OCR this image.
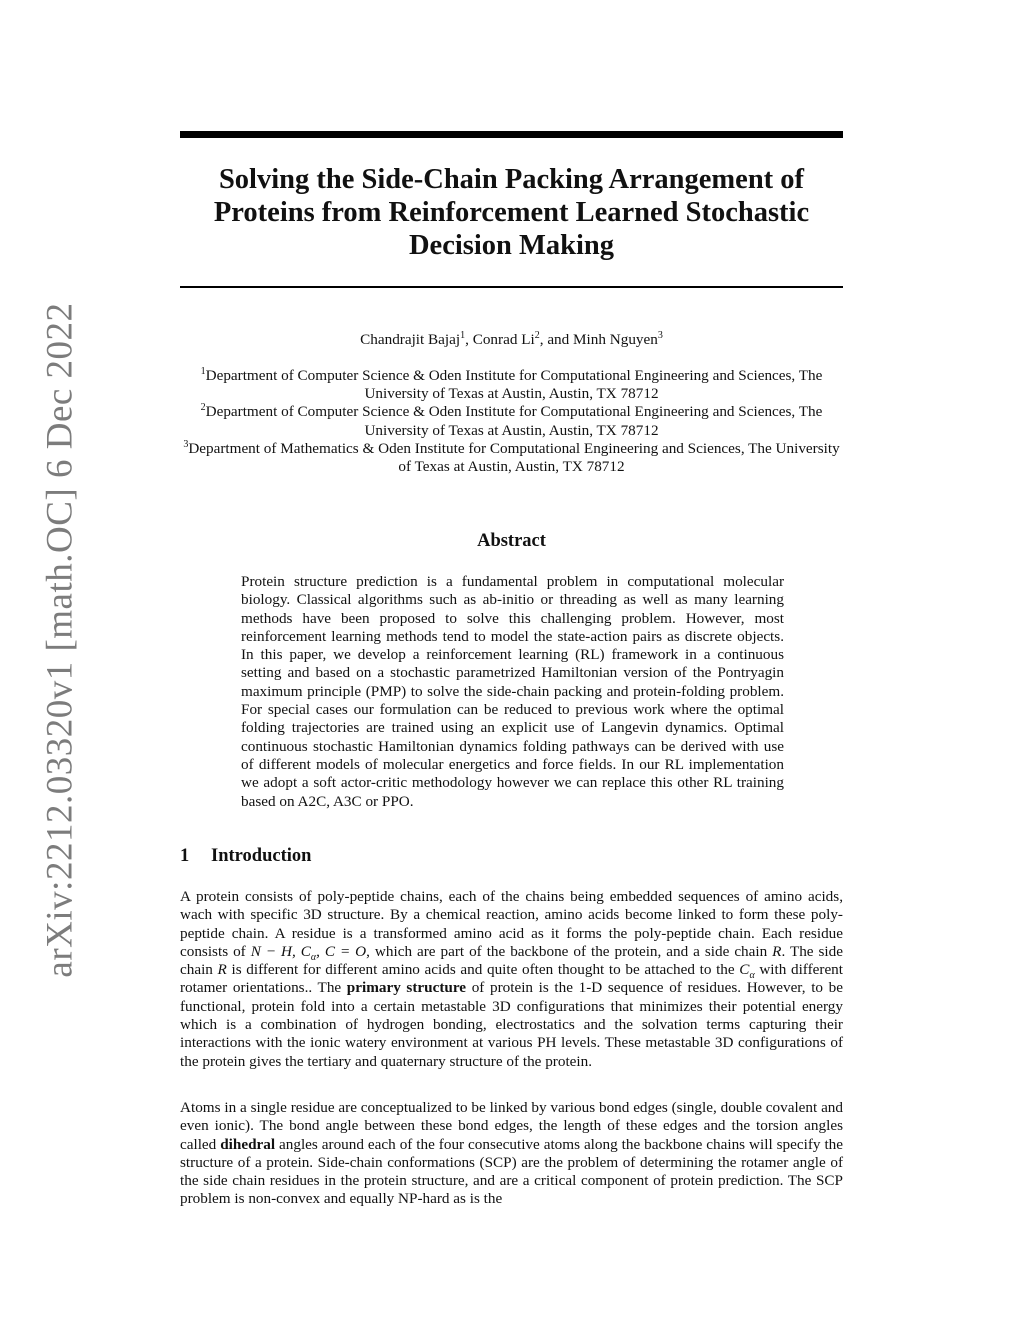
arXiv:2212.03320v1 [math.OC] 6 Dec 2022
Solving the Side-Chain Packing Arrangement of Proteins from Reinforcement Learned Stochastic Decision Making
Chandrajit Bajaj$^1$, Conrad Li$^2$, and Minh Nguyen$^3$
$^1$Department of Computer Science & Oden Institute for Computational Engineering and Sciences, The University of Texas at Austin, Austin, TX 78712
$^2$Department of Computer Science & Oden Institute for Computational Engineering and Sciences, The University of Texas at Austin, Austin, TX 78712
$^3$Department of Mathematics & Oden Institute for Computational Engineering and Sciences, The University of Texas at Austin, Austin, TX 78712
Abstract
Protein structure prediction is a fundamental problem in computational molecular biology. Classical algorithms such as ab-initio or threading as well as many learning methods have been proposed to solve this challenging problem. However, most reinforcement learning methods tend to model the state-action pairs as discrete objects. In this paper, we develop a reinforcement learning (RL) framework in a continuous setting and based on a stochastic parametrized Hamiltonian version of the Pontryagin maximum principle (PMP) to solve the side-chain packing and protein-folding problem. For special cases our formulation can be reduced to previous work where the optimal folding trajectories are trained using an explicit use of Langevin dynamics. Optimal continuous stochastic Hamiltonian dynamics folding pathways can be derived with use of different models of molecular energetics and force fields. In our RL implementation we adopt a soft actor-critic methodology however we can replace this other RL training based on A2C, A3C or PPO.
1 Introduction

A protein consists of poly-peptide chains, each of the chains being embedded sequences of amino acids, wach with specific 3D structure. By a chemical reaction, amino acids become linked to form these poly-peptide chain. A residue is a transformed amino acid as it forms the poly-peptide chain. Each residue consists of N − H, $C_\alpha$, C = O, which are part of the backbone of the protein, and a side chain R. The side chain R is different for different amino acids and quite often thought to be attached to the $C_\alpha$ with different rotamer orientations.. The primary structure of protein is the 1-D sequence of residues. However, to be functional, protein fold into a certain metastable 3D configurations that minimizes their potential energy which is a combination of hydrogen bonding, electrostatics and the solvation terms capturing their interactions with the ionic watery environment at various PH levels. These metastable 3D configurations of the protein gives the tertiary and quaternary structure of the protein.

Atoms in a single residue are conceptualized to be linked by various bond edges (single, double covalent and even ionic). The bond angle between these bond edges, the length of these edges and the torsion angles called dihedral angles around each of the four consecutive atoms along the backbone chains will specify the structure of a protein. Side-chain conformations (SCP) are the problem of determining the rotamer angle of the side chain residues in the protein structure, and are a critical component of protein prediction. The SCP problem is non-convex and equally NP-hard as is the
